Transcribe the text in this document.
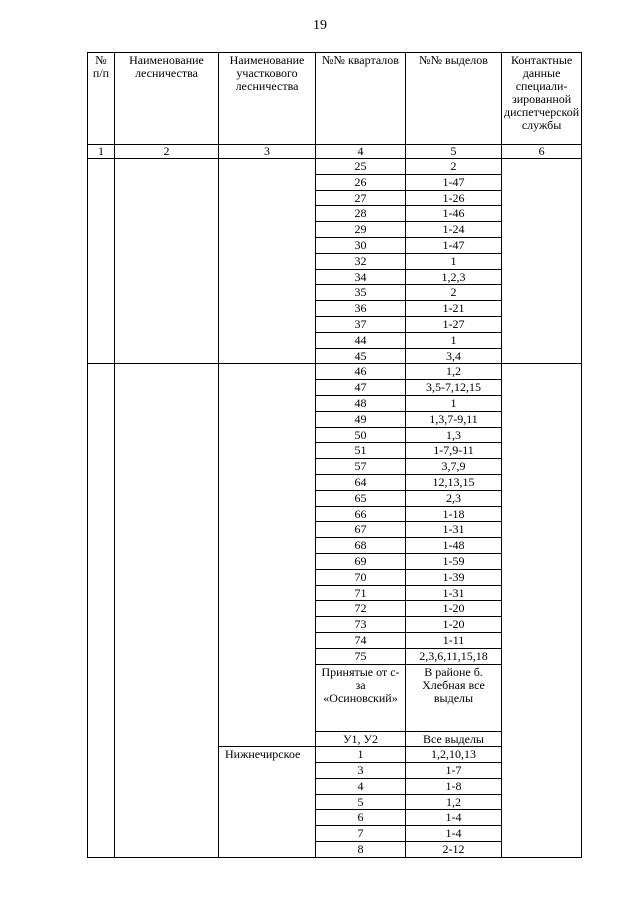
19
№ п/п	Наименование лесничества	Наименование участкового лесничества	№№ кварталов	№№ выделов	Контактные данные специали-зированной диспетчерской службы
1	2	3	4	5	6
			25	2	
			26	1-47	
			27	1-26	
			28	1-46	
			29	1-24	
			30	1-47	
			32	1	
			34	1,2,3	
			35	2	
			36	1-21	
			37	1-27	
			44	1	
			45	3,4	
			46	1,2	
			47	3,5-7,12,15	
			48	1	
			49	1,3,7-9,11	
			50	1,3	
			51	1-7,9-11	
			57	3,7,9	
			64	12,13,15	
			65	2,3	
			66	1-18	
			67	1-31	
			68	1-48	
			69	1-59	
			70	1-39	
			71	1-31	
			72	1-20	
			73	1-20	
			74	1-11	
			75	2,3,6,11,15,18	
			Принятые от с-за «Осиновский»	В районе б. Хлебная все выделы	
			У1, У2	Все выделы	
		Нижнечирское	1	1,2,10,13	
			3	1-7	
			4	1-8	
			5	1,2	
			6	1-4	
			7	1-4	
			8	2-12	
